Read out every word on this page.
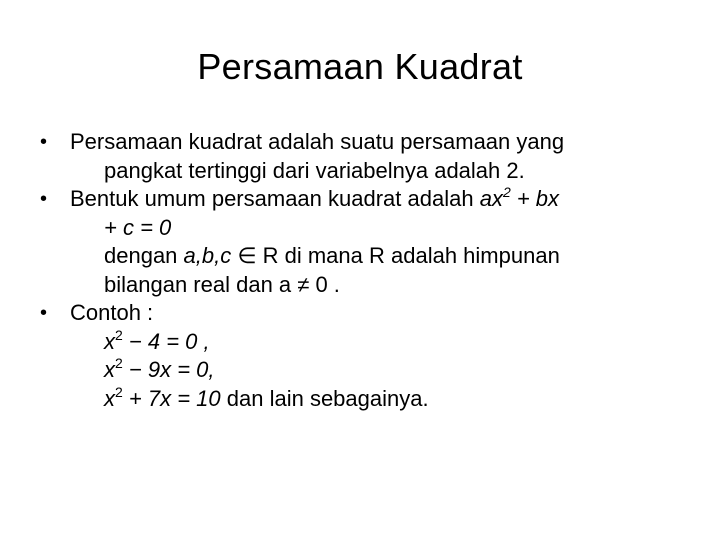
Persamaan Kuadrat
•	Persamaan kuadrat adalah suatu persamaan yang
pangkat tertinggi dari variabelnya adalah 2.
•	Bentuk umum persamaan kuadrat adalah $ax^2$ + bx
+ c = 0
dengan a,b,c ∈ R di mana R adalah himpunan
bilangan real dan a ≠ 0 .
•	Contoh :
$x^2 - 4 = 0$ ,
$x^2 - 9x = 0$,
$x^2 + 7x = 10$ dan lain sebagainya.
